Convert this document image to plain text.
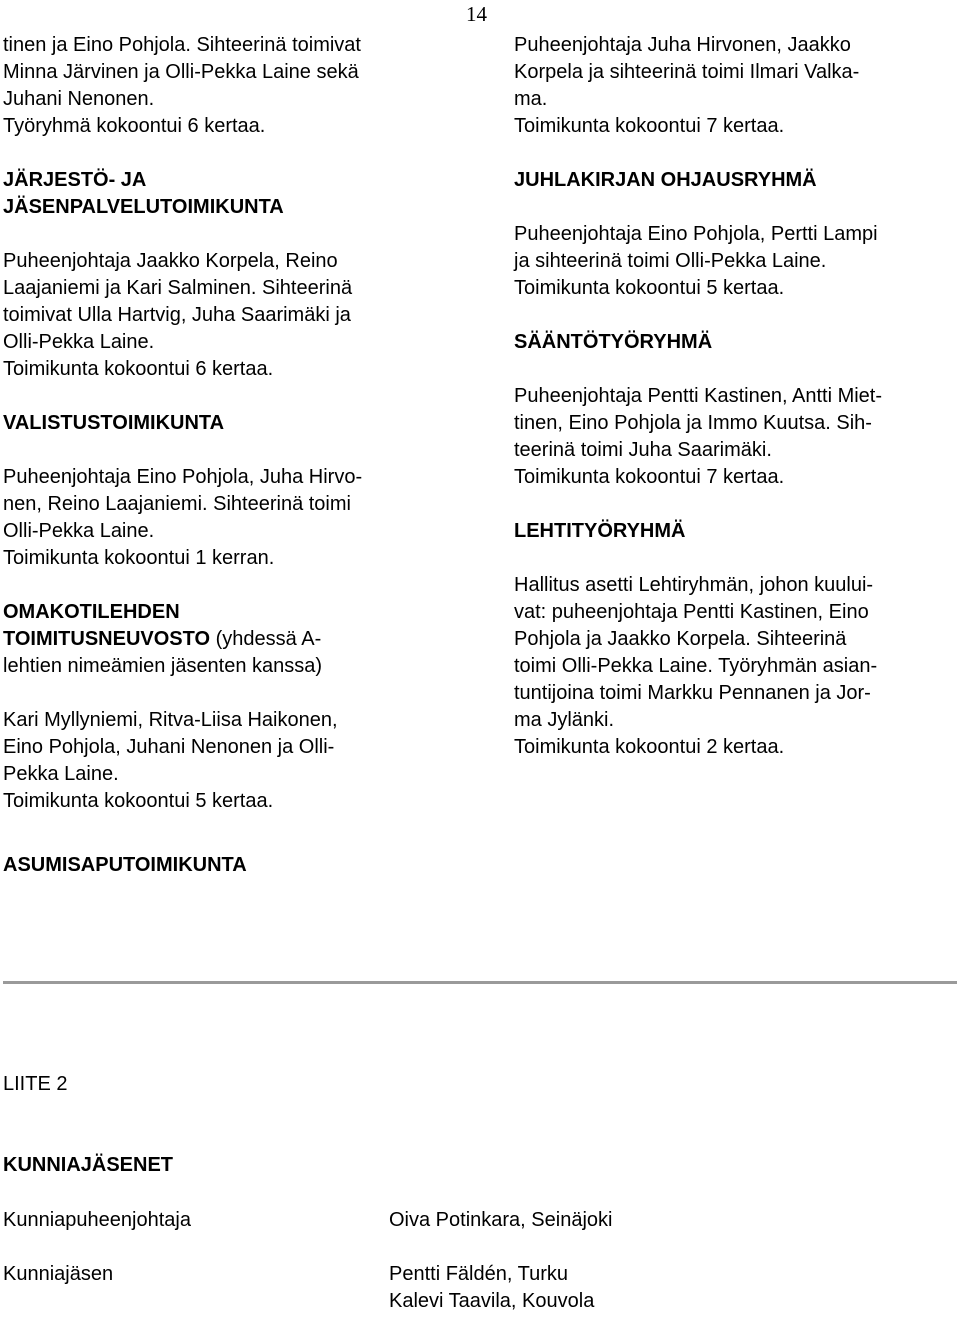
14

tinen ja Eino Pohjola. Sihteerinä toimivat

Minna Järvinen ja Olli-Pekka Laine sekä

Juhani Nenonen.

Työryhmä kokoontui 6 kertaa.

JÄRJESTÖ- JA

JÄSENPALVELUTOIMIKUNTA

Puheenjohtaja Jaakko Korpela, Reino

Laajaniemi ja Kari Salminen. Sihteerinä

toimivat Ulla Hartvig, Juha Saarimäki ja

Olli-Pekka Laine.

Toimikunta kokoontui 6 kertaa.

VALISTUSTOIMIKUNTA

Puheenjohtaja Eino Pohjola, Juha Hirvo-

nen, Reino Laajaniemi. Sihteerinä toimi

Olli-Pekka Laine.

Toimikunta kokoontui 1 kerran.

OMAKOTILEHDEN

TOIMITUSNEUVOSTO (yhdessä A-

lehtien nimeämien jäsenten kanssa)

Kari Myllyniemi, Ritva-Liisa Haikonen,

Eino Pohjola, Juhani Nenonen ja Olli-

Pekka Laine.

Toimikunta kokoontui 5 kertaa.

Puheenjohtaja Juha Hirvonen, Jaakko

Korpela ja sihteerinä toimi Ilmari Valka-

ma.

Toimikunta kokoontui 7 kertaa.

JUHLAKIRJAN OHJAUSRYHMÄ

Puheenjohtaja Eino Pohjola, Pertti Lampi

ja sihteerinä toimi Olli-Pekka Laine.

Toimikunta kokoontui 5 kertaa.

SÄÄNTÖTYÖRYHMÄ

Puheenjohtaja Pentti Kastinen, Antti Miet-

tinen, Eino Pohjola ja Immo Kuutsa. Sih-

teerinä toimi Juha Saarimäki.

Toimikunta kokoontui 7 kertaa.

LEHTITYÖRYHMÄ

Hallitus asetti Lehtiryhmän, johon kuului-

vat: puheenjohtaja Pentti Kastinen, Eino

Pohjola ja Jaakko Korpela. Sihteerinä

toimi Olli-Pekka Laine. Työryhmän asian-

tuntijoina toimi Markku Pennanen ja Jor-

ma Jylänki.

Toimikunta kokoontui 2 kertaa.

ASUMISAPUTOIMIKUNTA

LIITE 2

KUNNIAJÄSENET

Kunniapuheenjohtaja	Oiva Potinkara, Seinäjoki

Kunniajäsen	Pentti Fäldén, Turku

Kalevi Taavila, Kouvola
